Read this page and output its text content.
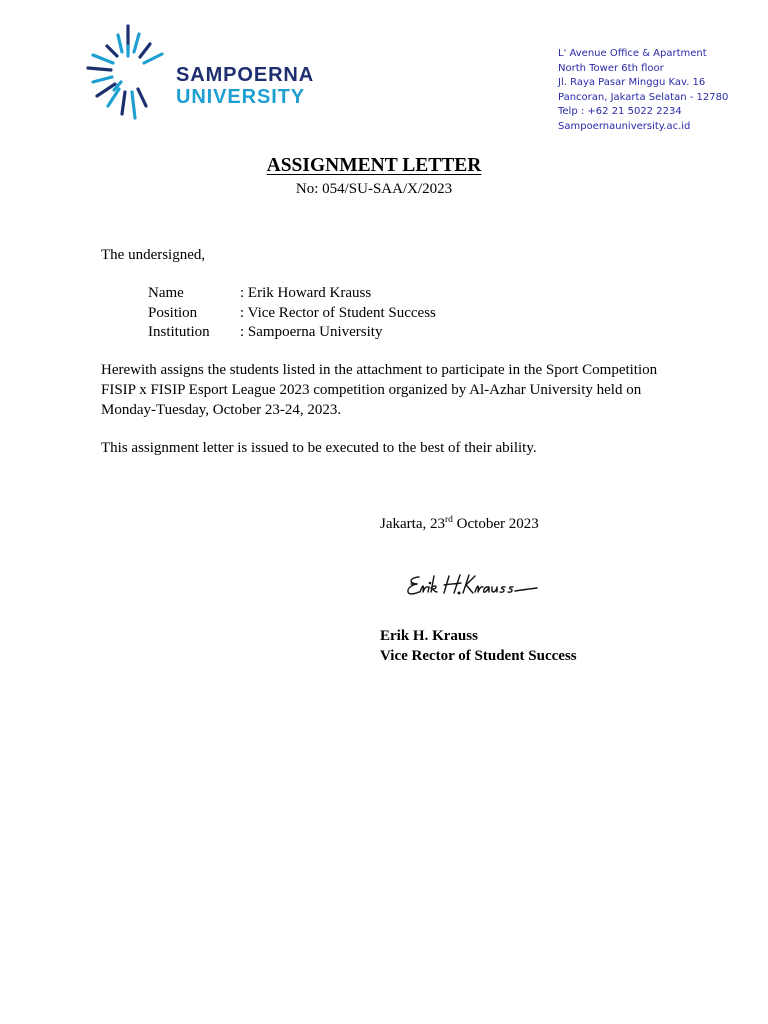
SAMPOERNA
UNIVERSITY
L' Avenue Office & Apartment
North Tower 6th floor
Jl. Raya Pasar Minggu Kav. 16
Pancoran, Jakarta Selatan - 12780
Telp : +62 21 5022 2234
Sampoernauniversity.ac.id
ASSIGNMENT LETTER
No: 054/SU-SAA/X/2023
The undersigned,
Name	: Erik Howard Krauss
Position	: Vice Rector of Student Success
Institution : Sampoerna University
Herewith assigns the students listed in the attachment to participate in the Sport Competition
FISIP x FISIP Esport League 2023 competition organized by Al-Azhar University held on
Monday-Tuesday, October 23-24, 2023.
This assignment letter is issued to be executed to the best of their ability.
Jakarta, 23rd October 2023
Erik H. Krauss
Vice Rector of Student Success
